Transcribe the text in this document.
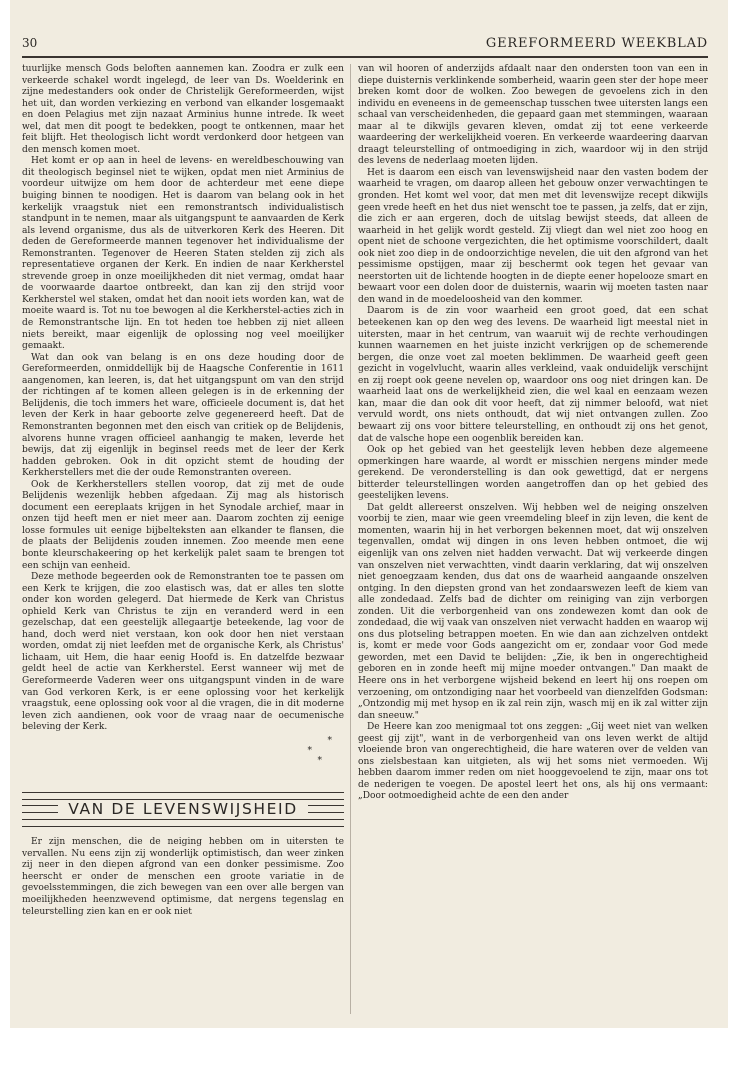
30	GEREFORMEERD WEEKBLAD

tuurlijke mensch Gods beloften aannemen kan. Zoodra er zulk een verkeerde schakel wordt ingelegd, de leer van Ds. Woelderink en zijne medestanders ook onder de Christelijk Gereformeerden, wijst het uit, dan worden verkiezing en verbond van elkander losgemaakt en doen Pelagius met zijn nazaat Arminius hunne intrede. Ik weet wel, dat men dit poogt te bedekken, poogt te ontkennen, maar het feit blijft. Het theologisch licht wordt verdonkerd door hetgeen van den mensch komen moet.

Het komt er op aan in heel de levens- en wereldbeschouwing van dit theologisch beginsel niet te wijken, opdat men niet Arminius de voordeur uitwijze om hem door de achterdeur met eene diepe buiging binnen te noodigen. Het is daarom van belang ook in het kerkelijk vraagstuk niet een remonstrantsch individualistisch standpunt in te nemen, maar als uitgangspunt te aanvaarden de Kerk als levend organisme, dus als de uitverkoren Kerk des Heeren. Dit deden de Gereformeerde mannen tegenover het individualisme der Remonstranten. Tegenover de Heeren Staten stelden zij zich als representatieve organen der Kerk. En indien de naar Kerkherstel strevende groep in onze moeilijkheden dit niet vermag, omdat haar de voorwaarde daartoe ontbreekt, dan kan zij den strijd voor Kerkherstel wel staken, omdat het dan nooit iets worden kan, wat de moeite waard is. Tot nu toe bewogen al die Kerkherstel-acties zich in de Remonstrantsche lijn. En tot heden toe hebben zij niet alleen niets bereikt, maar eigenlijk de oplossing nog veel moeilijker gemaakt.

Wat dan ook van belang is en ons deze houding door de Gereformeerden, onmiddellijk bij de Haagsche Conferentie in 1611 aangenomen, kan leeren, is, dat het uitgangspunt om van den strijd der richtingen af te komen alleen gelegen is in de erkenning der Belijdenis, die toch immers het ware, officieele document is, dat het leven der Kerk in haar geboorte zelve gegenereerd heeft. Dat de Remonstranten begonnen met den eisch van critiek op de Belijdenis, alvorens hunne vragen officieel aanhangig te maken, leverde het bewijs, dat zij eigenlijk in beginsel reeds met de leer der Kerk hadden gebroken. Ook in dit opzicht stemt de houding der Kerkherstellers met die der oude Remonstranten overeen.

Ook de Kerkherstellers stellen voorop, dat zij met de oude Belijdenis wezenlijk hebben afgedaan. Zij mag als historisch document een eereplaats krijgen in het Synodale archief, maar in onzen tijd heeft men er niet meer aan. Daarom zochten zij eenige losse formules uit eenige bijbelteksten aan elkander te flansen, die de plaats der Belijdenis zouden innemen. Zoo meende men eene bonte kleurschakeering op het kerkelijk palet saam te brengen tot een schijn van eenheid.

Deze methode begeerden ook de Remonstranten toe te passen om een Kerk te krijgen, die zoo elastisch was, dat er alles ten slotte onder kon worden gelegerd. Dat hiermede de Kerk van Christus ophield Kerk van Christus te zijn en veranderd werd in een gezelschap, dat een geestelijk allegaartje beteekende, lag voor de hand, doch werd niet verstaan, kon ook door hen niet verstaan worden, omdat zij niet leefden met de organische Kerk, als Christus' lichaam, uit Hem, die haar eenig Hoofd is. En datzelfde bezwaar geldt heel de actie van Kerkherstel. Eerst wanneer wij met de Gereformeerde Vaderen weer ons uitgangspunt vinden in de ware van God verkoren Kerk, is er eene oplossing voor het kerkelijk vraagstuk, eene oplossing ook voor al die vragen, die in dit moderne leven zich aandienen, ook voor de vraag naar de oecumenische beleving der Kerk.

*
*
*
VAN DE LEVENSWIJSHEID

Er zijn menschen, die de neiging hebben om in uitersten te vervallen. Nu eens zijn zij wonderlijk optimistisch, dan weer zinken zij neer in den diepen afgrond van een donker pessimisme. Zoo heerscht er onder de menschen een groote variatie in de gevoelsstemmingen, die zich bewegen van een over alle bergen van moeilijkheden heenzwevend optimisme, dat nergens tegenslag en teleurstelling zien kan en er ook niet

van wil hooren of anderzijds afdaalt naar den ondersten toon van een in diepe duisternis verklinkende somberheid, waarin geen ster der hope meer breken komt door de wolken. Zoo bewegen de gevoelens zich in den individu en eveneens in de gemeenschap tusschen twee uitersten langs een schaal van verscheidenheden, die gepaard gaan met stemmingen, waaraan maar al te dikwijls gevaren kleven, omdat zij tot eene verkeerde waardeering der werkelijkheid voeren. En verkeerde waardeering daarvan draagt teleurstelling of ontmoediging in zich, waardoor wij in den strijd des levens de nederlaag moeten lijden.

Het is daarom een eisch van levenswijsheid naar den vasten bodem der waarheid te vragen, om daarop alleen het gebouw onzer verwachtingen te gronden. Het komt wel voor, dat men met dit levenswijze recept dikwijls geen vrede heeft en het dus niet wenscht toe te passen, ja zelfs, dat er zijn, die zich er aan ergeren, doch de uitslag bewijst steeds, dat alleen de waarheid in het gelijk wordt gesteld. Zij vliegt dan wel niet zoo hoog en opent niet de schoone vergezichten, die het optimisme voorschildert, daalt ook niet zoo diep in de ondoorzichtige nevelen, die uit den afgrond van het pessimisme opstijgen, maar zij beschermt ook tegen het gevaar van neerstorten uit de lichtende hoogten in de diepte eener hopelooze smart en bewaart voor een dolen door de duisternis, waarin wij moeten tasten naar den wand in de moedeloosheid van den kommer.

Daarom is de zin voor waarheid een groot goed, dat een schat beteekenen kan op den weg des levens. De waarheid ligt meestal niet in uitersten, maar in het centrum, van waaruit wij de rechte verhoudingen kunnen waarnemen en het juiste inzicht verkrijgen op de schemerende bergen, die onze voet zal moeten beklimmen. De waarheid geeft geen gezicht in vogelvlucht, waarin alles verkleind, vaak onduidelijk verschijnt en zij roept ook geene nevelen op, waardoor ons oog niet dringen kan. De waarheid laat ons de werkelijkheid zien, die wel kaal en eenzaam wezen kan, maar die dan ook dit voor heeft, dat zij nimmer beloofd, wat niet vervuld wordt, ons niets onthoudt, dat wij niet ontvangen zullen. Zoo bewaart zij ons voor bittere teleurstelling, en onthoudt zij ons het genot, dat de valsche hope een oogenblik bereiden kan.

Ook op het gebied van het geestelijk leven hebben deze algemeene opmerkingen hare waarde, al wordt er misschien nergens minder mede gerekend. De veronderstelling is dan ook gewettigd, dat er nergens bitterder teleurstellingen worden aangetroffen dan op het gebied des geestelijken levens.

Dat geldt allereerst onszelven. Wij hebben wel de neiging onszelven voorbij te zien, maar wie geen vreemdeling bleef in zijn leven, die kent de momenten, waarin hij in het verborgen bekennen moet, dat wij onszelven tegenvallen, omdat wij dingen in ons leven hebben ontmoet, die wij eigenlijk van ons zelven niet hadden verwacht. Dat wij verkeerde dingen van onszelven niet verwachtten, vindt daarin verklaring, dat wij onszelven niet genoegzaam kenden, dus dat ons de waarheid aangaande onszelven ontging. In den diepsten grond van het zondaarswezen leeft de kiem van alle zondedaad. Zelfs bad de dichter om reiniging van zijn verborgen zonden. Uit die verborgenheid van ons zondewezen komt dan ook de zondedaad, die wij vaak van onszelven niet verwacht hadden en waarop wij ons dus plotseling betrappen moeten. En wie dan aan zichzelven ontdekt is, komt er mede voor Gods aangezicht om er, zondaar voor God mede geworden, met een David te belijden: „Zie, ik ben in ongerechtigheid geboren en in zonde heeft mij mijne moeder ontvangen." Dan maakt de Heere ons in het verborgene wijsheid bekend en leert hij ons roepen om verzoening, om ontzondiging naar het voorbeeld van dienzelfden Godsman: „Ontzondig mij met hysop en ik zal rein zijn, wasch mij en ik zal witter zijn dan sneeuw."

De Heere kan zoo menigmaal tot ons zeggen: „Gij weet niet van welken geest gij zijt", want in de verborgenheid van ons leven werkt de altijd vloeiende bron van ongerechtigheid, die hare wateren over de velden van ons zielsbestaan kan uitgieten, als wij het soms niet vermoeden. Wij hebben daarom immer reden om niet hooggevoelend te zijn, maar ons tot de nederigen te voegen. De apostel leert het ons, als hij ons vermaant: „Door ootmoedigheid achte de een den ander
